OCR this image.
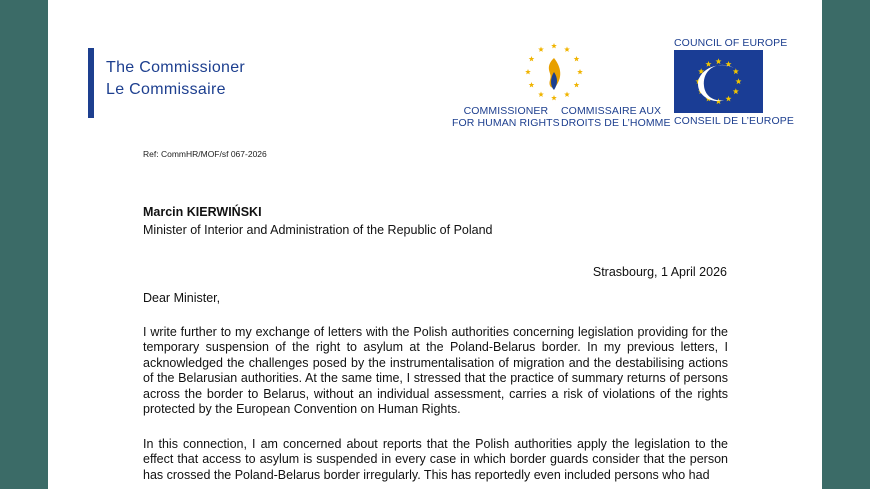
The Commissioner
Le Commissaire
COMMISSIONER
FOR HUMAN RIGHTS
COMMISSAIRE AUX
DROITS DE L’HOMME
COUNCIL OF EUROPE
CONSEIL DE L’EUROPE
Ref: CommHR/MOF/sf 067-2026
Marcin KIERWIŃSKI
Minister of Interior and Administration of the Republic of Poland
Strasbourg, 1 April 2026
Dear Minister,
I write further to my exchange of letters with the Polish authorities concerning legislation providing for the temporary suspension of the right to asylum at the Poland-Belarus border. In my previous letters, I acknowledged the challenges posed by the instrumentalisation of migration and the destabilising actions of the Belarusian authorities. At the same time, I stressed that the practice of summary returns of persons across the border to Belarus, without an individual assessment, carries a risk of violations of the rights protected by the European Convention on Human Rights.
In this connection, I am concerned about reports that the Polish authorities apply the legislation to the effect that access to asylum is suspended in every case in which border guards consider that the person has crossed the Poland-Belarus border irregularly. This has reportedly even included persons who had
